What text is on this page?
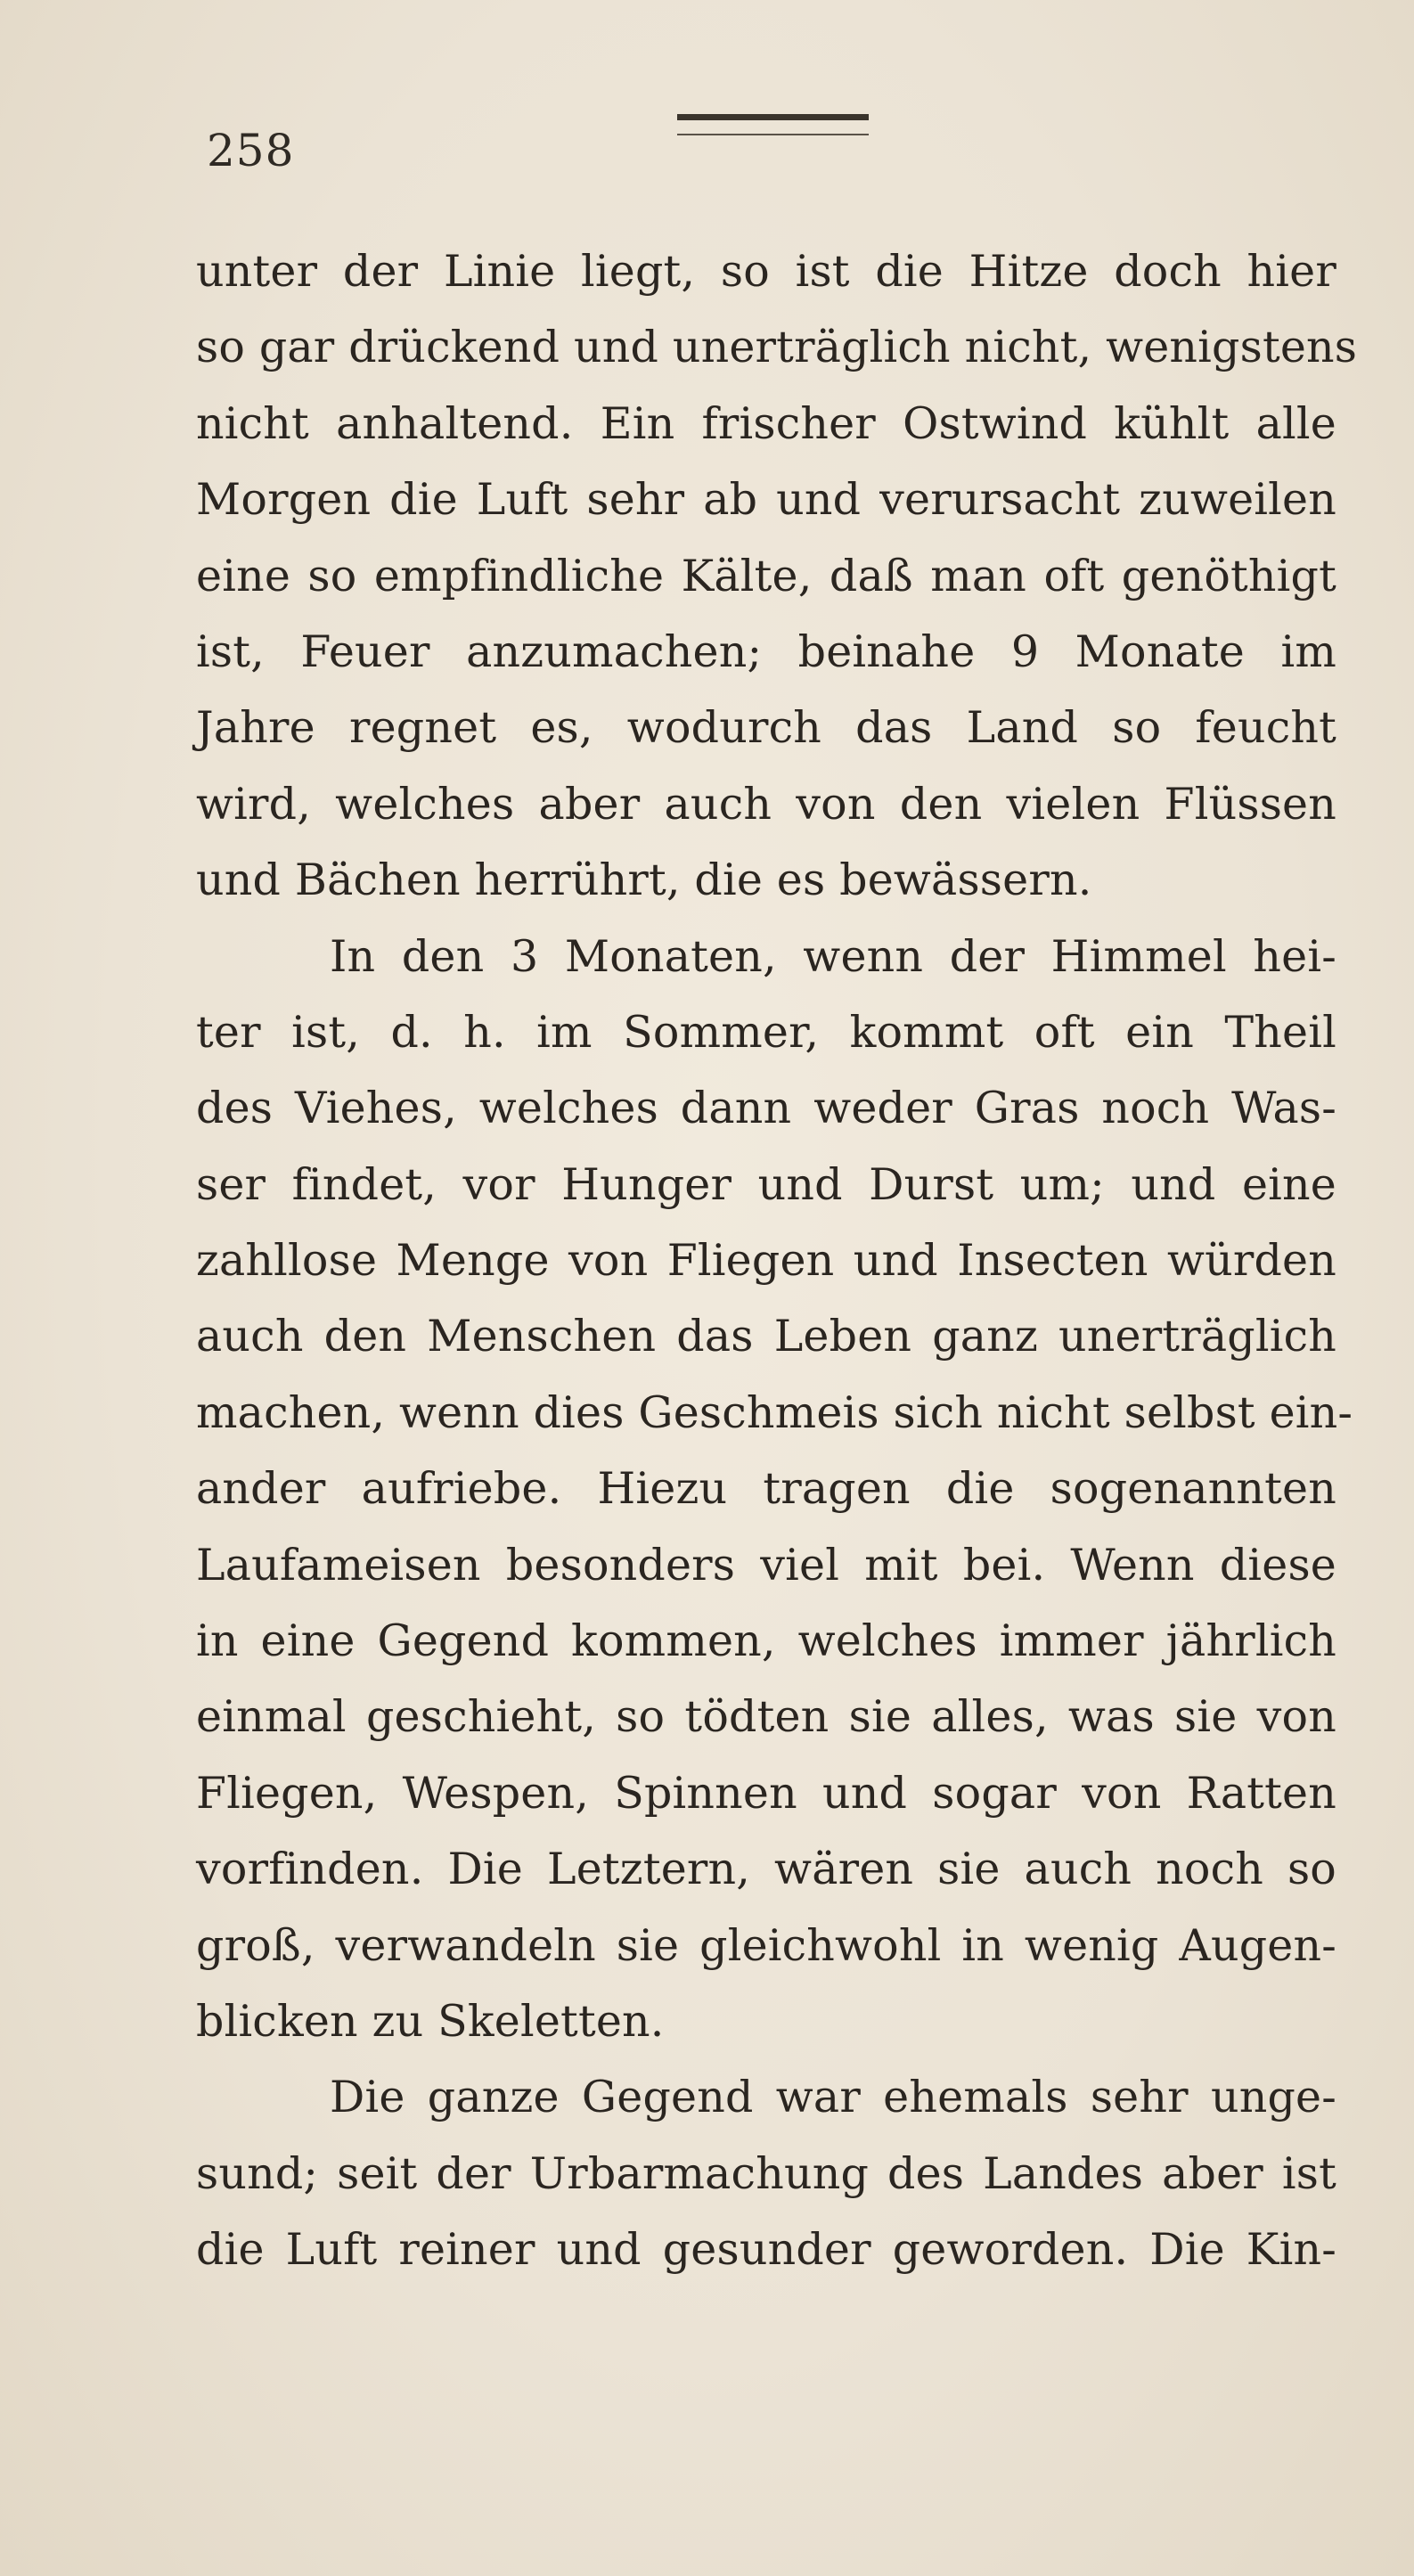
258
unter der Linie liegt, so ist die Hitze doch hier
so gar drückend und unerträglich nicht, wenigstens
nicht anhaltend. Ein frischer Ostwind kühlt alle
Morgen die Luft sehr ab und verursacht zuweilen
eine so empfindliche Kälte, daß man oft genöthigt
ist, Feuer anzumachen; beinahe 9 Monate im
Jahre regnet es, wodurch das Land so feucht
wird, welches aber auch von den vielen Flüssen
und Bächen herrührt, die es bewässern.
In den 3 Monaten, wenn der Himmel hei-
ter ist, d. h. im Sommer, kommt oft ein Theil
des Viehes, welches dann weder Gras noch Was-
ser findet, vor Hunger und Durst um; und eine
zahllose Menge von Fliegen und Insecten würden
auch den Menschen das Leben ganz unerträglich
machen, wenn dies Geschmeis sich nicht selbst ein-
ander aufriebe. Hiezu tragen die sogenannten
Laufameisen besonders viel mit bei. Wenn diese
in eine Gegend kommen, welches immer jährlich
einmal geschieht, so tödten sie alles, was sie von
Fliegen, Wespen, Spinnen und sogar von Ratten
vorfinden. Die Letztern, wären sie auch noch so
groß, verwandeln sie gleichwohl in wenig Augen-
blicken zu Skeletten.
Die ganze Gegend war ehemals sehr unge-
sund; seit der Urbarmachung des Landes aber ist
die Luft reiner und gesunder geworden. Die Kin-
